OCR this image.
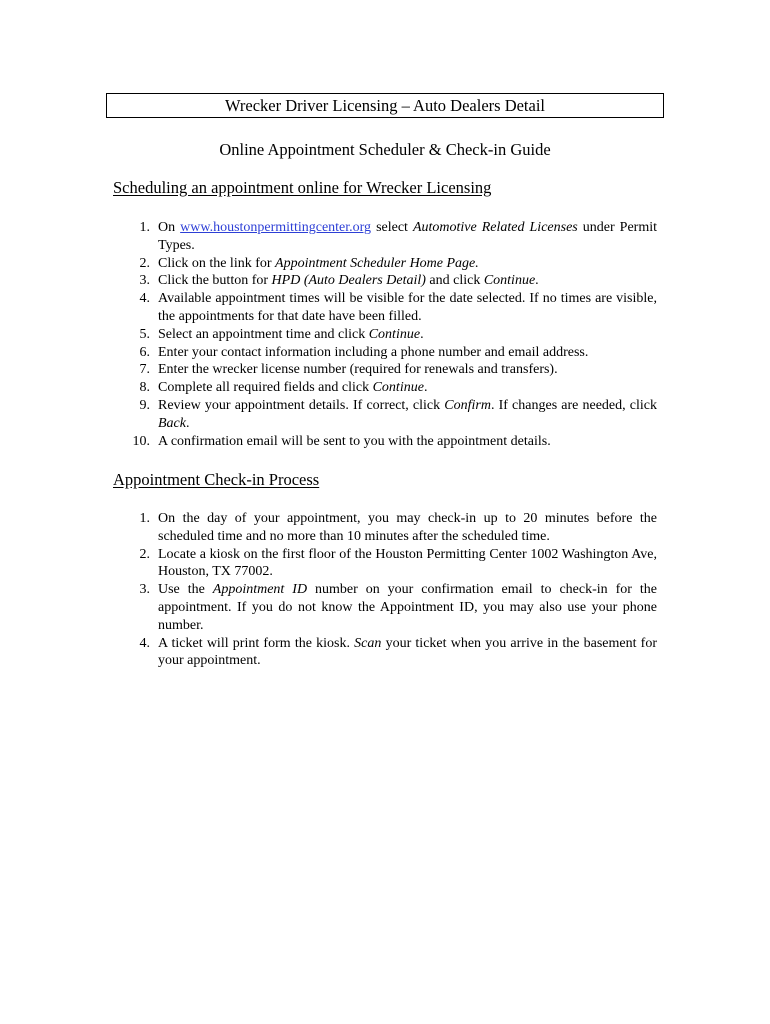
Wrecker Driver Licensing – Auto Dealers Detail
Online Appointment Scheduler & Check-in Guide
Scheduling an appointment online for Wrecker Licensing
1. On www.houstonpermittingcenter.org select Automotive Related Licenses under Permit Types.
2. Click on the link for Appointment Scheduler Home Page.
3. Click the button for HPD (Auto Dealers Detail) and click Continue.
4. Available appointment times will be visible for the date selected. If no times are visible, the appointments for that date have been filled.
5. Select an appointment time and click Continue.
6. Enter your contact information including a phone number and email address.
7. Enter the wrecker license number (required for renewals and transfers).
8. Complete all required fields and click Continue.
9. Review your appointment details. If correct, click Confirm. If changes are needed, click Back.
10. A confirmation email will be sent to you with the appointment details.
Appointment Check-in Process
1. On the day of your appointment, you may check-in up to 20 minutes before the scheduled time and no more than 10 minutes after the scheduled time.
2. Locate a kiosk on the first floor of the Houston Permitting Center 1002 Washington Ave, Houston, TX 77002.
3. Use the Appointment ID number on your confirmation email to check-in for the appointment. If you do not know the Appointment ID, you may also use your phone number.
4. A ticket will print form the kiosk. Scan your ticket when you arrive in the basement for your appointment.
